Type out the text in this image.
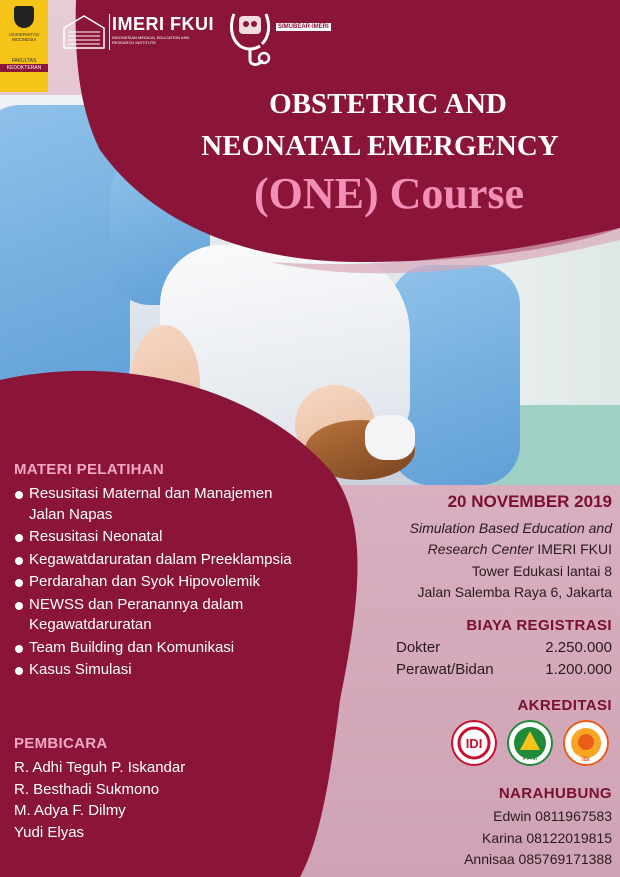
UNIVERSITAS INDONESIA
FAKULTAS
KEDOKTERAN
IMERI FKUI
INDONESIAN MEDICAL EDUCATION AND RESEARCH INSTITUTE
SIMUBEAR-IMERI
OBSTETRIC AND
NEONATAL EMERGENCY
(ONE) Course
MATERI PELATIHAN
Resusitasi Maternal dan Manajemen Jalan Napas
Resusitasi Neonatal
Kegawatdaruratan dalam Preeklampsia
Perdarahan dan Syok Hipovolemik
NEWSS dan Peranannya dalam Kegawatdaruratan
Team Building dan Komunikasi
Kasus Simulasi
PEMBICARA
R. Adhi Teguh P. Iskandar
R. Besthadi Sukmono
M. Adya F. Dilmy
Yudi Elyas
20 NOVEMBER 2019
Simulation Based Education and
Research Center IMERI FKUI
Tower Edukasi lantai 8
Jalan Salemba Raya 6, Jakarta
BIAYA REGISTRASI
Dokter	2.250.000
Perawat/Bidan	1.200.000
AKREDITASI
IDI
PPNI	IBI
NARAHUBUNG
Edwin 0811967583
Karina 08122019815
Annisaa 085769171388
